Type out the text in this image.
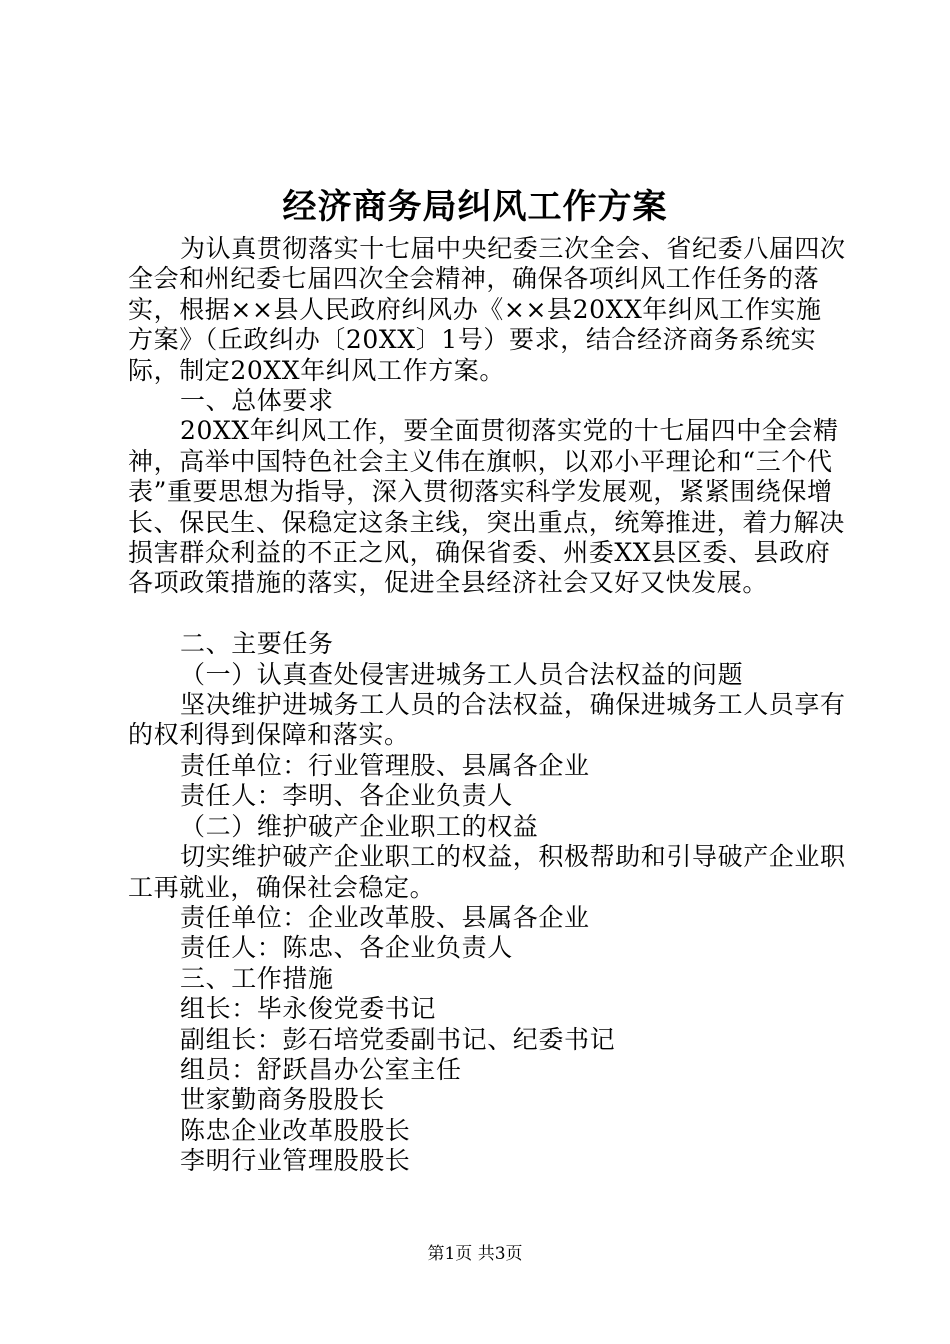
经济商务局纠风工作方案

为认真贯彻落实十七届中央纪委三次全会、省纪委八届四次全会和州纪委七届四次全会精神，确保各项纠风工作任务的落实，根据××县人民政府纠风办《××县20XX年纠风工作实施方案》（丘政纠办〔20XX〕1号）要求，结合经济商务系统实际，制定20XX年纠风工作方案。

一、总体要求

20XX年纠风工作，要全面贯彻落实党的十七届四中全会精神，高举中国特色社会主义伟在旗帜，以邓小平理论和“三个代表”重要思想为指导，深入贯彻落实科学发展观，紧紧围绕保增长、保民生、保稳定这条主线，突出重点，统筹推进，着力解决损害群众利益的不正之风，确保省委、州委XX县区委、县政府各项政策措施的落实，促进全县经济社会又好又快发展。

二、主要任务

（一）认真查处侵害进城务工人员合法权益的问题

坚决维护进城务工人员的合法权益，确保进城务工人员享有的权利得到保障和落实。

责任单位：行业管理股、县属各企业

责任人：李明、各企业负责人

（二）维护破产企业职工的权益

切实维护破产企业职工的权益，积极帮助和引导破产企业职工再就业，确保社会稳定。

责任单位：企业改革股、县属各企业

责任人：陈忠、各企业负责人

三、工作措施

组长：毕永俊党委书记

副组长：彭石培党委副书记、纪委书记

组员：舒跃昌办公室主任

世家勤商务股股长

陈忠企业改革股股长

李明行业管理股股长

第1页 共3页
